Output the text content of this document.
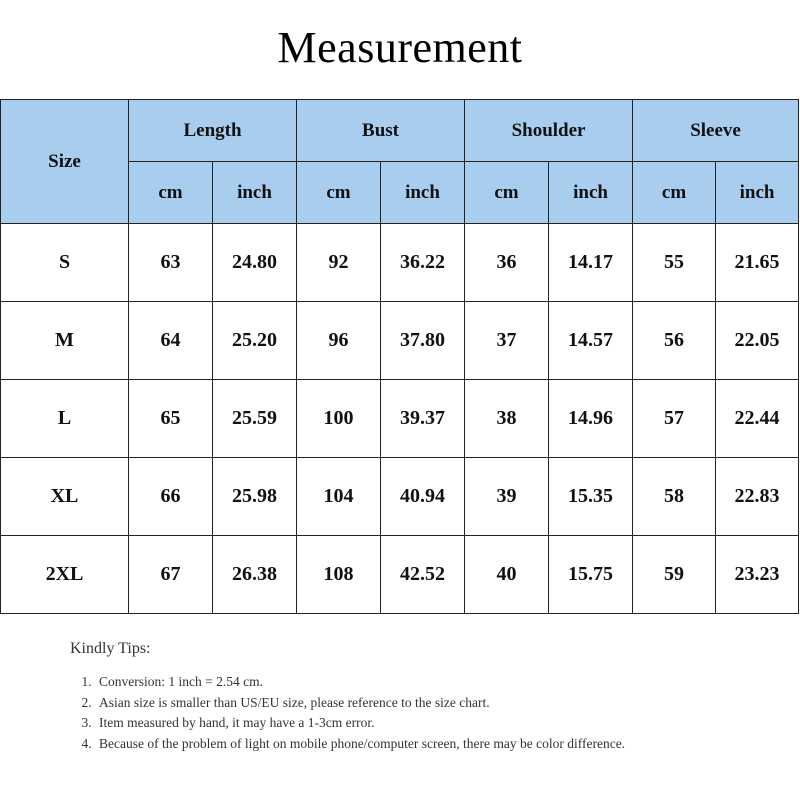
Measurement
Size	Length		Bust		Shoulder		Sleeve	
	cm	inch	cm	inch	cm	inch	cm	inch
S	63	24.80	92	36.22	36	14.17	55	21.65
M	64	25.20	96	37.80	37	14.57	56	22.05
L	65	25.59	100	39.37	38	14.96	57	22.44
XL	66	25.98	104	40.94	39	15.35	58	22.83
2XL	67	26.38	108	42.52	40	15.75	59	23.23
Kindly Tips:
1. Conversion: 1 inch = 2.54 cm.
2. Asian size is smaller than US/EU size, please reference to the size chart.
3. Item measured by hand, it may have a 1-3cm error.
4. Because of the problem of light on mobile phone/computer screen, there may be color difference.
